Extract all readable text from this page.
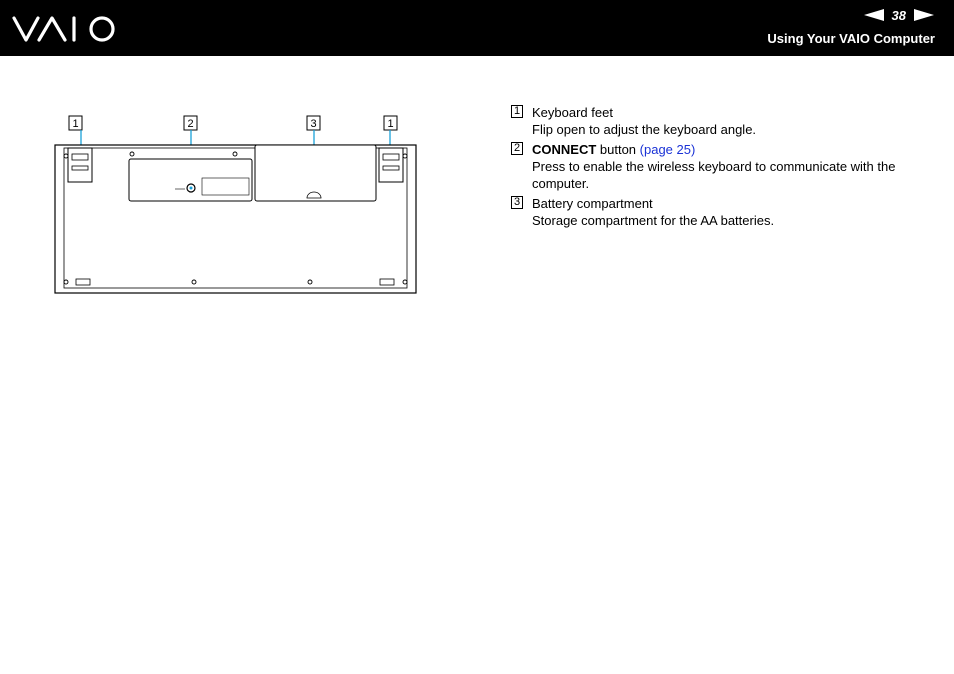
38
Using Your VAIO Computer
1	2	3	1
1 Keyboard feet
Flip open to adjust the keyboard angle.
2 CONNECT button (page 25)
Press to enable the wireless keyboard to communicate with the computer.
3 Battery compartment
Storage compartment for the AA batteries.
